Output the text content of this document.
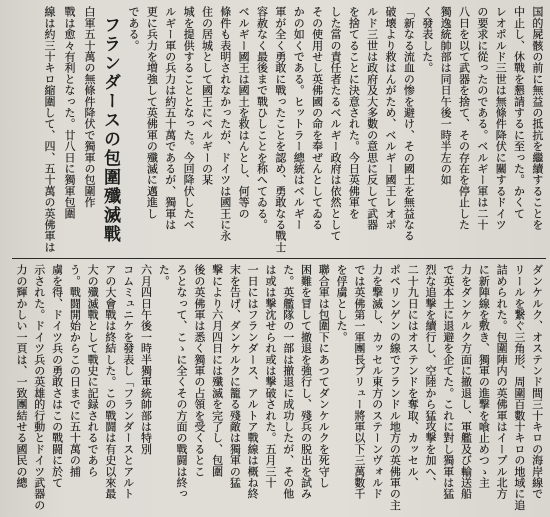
国的屍骸の前に無益の抵抗を繼續することを
中止し、休戰を懇請するに至った。かくて
レオポルド三世は無條件降伏に關するドイツ
の要求に從ったのである。ベルギー軍は二十
八日を以て武器を捨て、その存在を停止した
獨逸統帥部は同日午後一時半左の如
く發表した。
「新なる流血の惨を避け、その國土を無益なる
破壊より救はんがため、ベルギー國王レオポ
ルド三世は政府及大多數の意思に反して武器
を捨てることに決意された。今日英佛軍を
した當の責任者たるベルギー政府は依然として
その使用せし英佛國の命を奉ぜんとしてゐる
かの如くである。ヒットラー總統はベルギー
軍が全く勇敢に戰ったことを認め、勇敢なる戰士
容赦なく最後まで戰ひしことを称へてゐる。
ベルギー國王は國土を救はんとし、何等の
條件も表明されなかったが、ドイツは國王に永
住の居城として國王にベルギーの某
城を提供することとなった。今回降伏したベ
ルギー軍の兵力は約五十萬であるが、獨軍は
更に兵力を増強して英佛軍の殲滅に邁進し
である。
フランダースの包圍殲滅戰
白軍五十萬の無條件降伏で獨軍の包圍作
戰は愈々有利となった。廿八日に獨軍包圍
線は約三十キロ縮圍して、四、五十萬の英佛軍は
ダンケルク、オステンド間三十キロの海岸線で
リールを繋ぐ三角形、周圍百數十キロの地域に追
詰められた。包圍陣内の英佛軍はイープル北方
に新陣線を敷き、獨軍の進撃を喰止めつゝ主
力をダンケルク方面に撤退し、軍艦及び輸送船
で英本土に退避を企てた。これに對し獨軍は猛
烈な追撃を續行し、空陸から猛攻撃を加へ、
二十九日にはオステンドを奪取、カッセル、
ポペリンゲンの線でフランドル地方の英佛軍の主
力を撃滅し、カッセル東方のステーンヴォルド
では英佛第一軍團長プリュー將軍以下三萬數千
を俘虜とした。
聯合軍は包圍下にあつてダンケルクを死守し
困難を冒して撤退を強行し、殘兵の脱出を試み
た。英艦隊の一部は撤退に成功したが、その他
は或は撃沈せられ或は撃破された。五月三十
一日にはフランダース、アルトア戰線は概ね終
末を告げ、ダンケルクに籠る殘敵は獨軍の猛
撃により六月四日には殲滅を完了し、包圍
後の英佛軍は悉く獨軍の占領を受くるとこ
ろとなって、こゝに全くその方面の戰闘は終っ
た。
六月四日午後一時半獨軍統帥部は特別
コムミュニケを發表し「フランダースとアルト
アの大會戰は終結した。この戰闘は有史以來最
大の殲滅戰として戰史に記録されるであら
う。戰闘開始からこの日までに五十萬の捕
虜を得、ドイツ兵の勇敢さはこの戰闘に於て
示された。ドイツ兵の英雄的行動とドイツ武器の
力の輝かしい一頁は、一致團結せる國民の總
